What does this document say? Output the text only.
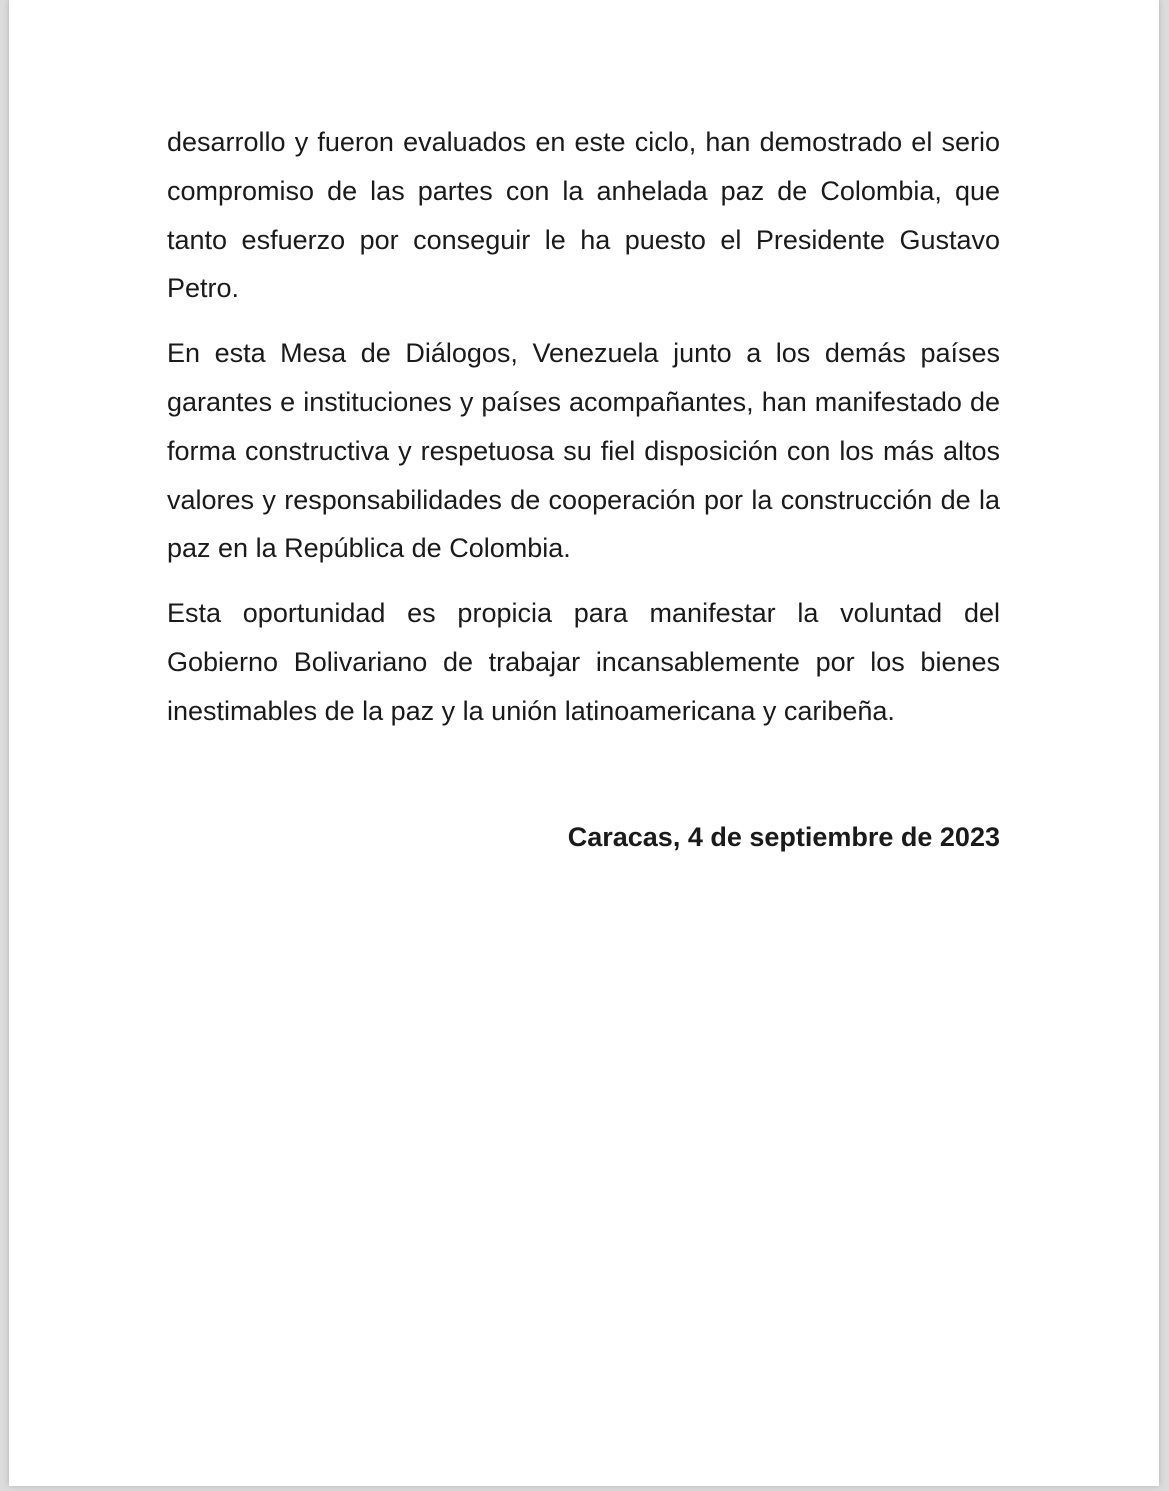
desarrollo y fueron evaluados en este ciclo, han demostrado el serio compromiso de las partes con la anhelada paz de Colombia, que tanto esfuerzo por conseguir le ha puesto el Presidente Gustavo Petro.

En esta Mesa de Diálogos, Venezuela junto a los demás países garantes e instituciones y países acompañantes, han manifestado de forma constructiva y respetuosa su fiel disposición con los más altos valores y responsabilidades de cooperación por la construcción de la paz en la República de Colombia.

Esta oportunidad es propicia para manifestar la voluntad del Gobierno Bolivariano de trabajar incansablemente por los bienes inestimables de la paz y la unión latinoamericana y caribeña.

Caracas, 4 de septiembre de 2023
